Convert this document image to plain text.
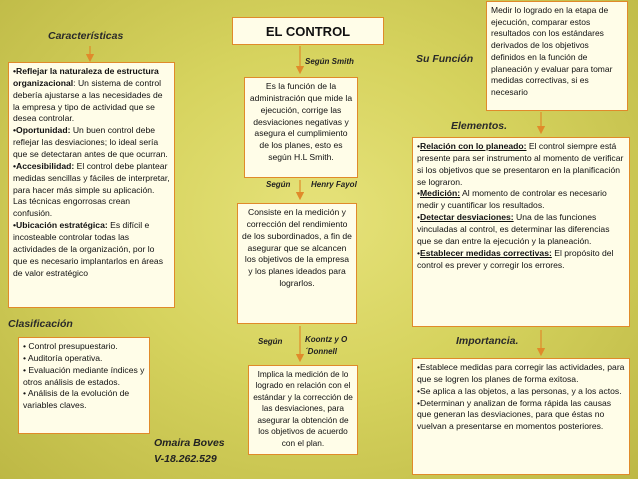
EL CONTROL
Características
Su Función
Elementos.
Clasificación
Importancia.
Según Smith
Según	Henry Fayol
Según	Koontz y O´Donnell
Medir lo logrado en la etapa de ejecución, comparar estos resultados con los estándares derivados de los objetivos definidos en la función de planeación y evaluar para tomar medidas correctivas, si es necesario
Es la función de la administración que mide la ejecución, corrige las desviaciones negativas y asegura el cumplimiento de los planes, esto es según H.L Smith.
Consiste en la medición y corrección del rendimiento de los subordinados, a fin de asegurar que se alcancen los objetivos de la empresa y los planes ideados para lograrlos.
Implica la medición de lo logrado en relación con el estándar y la corrección de las desviaciones, para asegurar la obtención de los objetivos de acuerdo con el plan.
•Reflejar la naturaleza de estructura organizacional: Un sistema de control debería ajustarse a las necesidades de la empresa y tipo de actividad que se desea controlar.
•Oportunidad: Un buen control debe reflejar las desviaciones; lo ideal sería que se detectaran antes de que ocurran.
•Accesibilidad: El control debe plantear medidas sencillas y fáciles de interpretar, para hacer más simple su aplicación. Las técnicas engorrosas crean confusión.
•Ubicación estratégica: Es difícil e incosteable controlar todas las actividades de la organización, por lo que es necesario implantarlos en áreas de valor estratégico
•Relación con lo planeado: El control siempre está presente para ser instrumento al momento de verificar si los objetivos que se presentaron en la planificación se lograron.
•Medición: Al momento de controlar es necesario medir y cuantificar los resultados.
•Detectar desviaciones: Una de las funciones vinculadas al control, es determinar las diferencias que se dan entre la ejecución y la planeación.
•Establecer medidas correctivas: El propósito del control es prever y corregir los errores.
• Control presupuestario.
• Auditoría operativa.
• Evaluación mediante índices y otros análisis de estados.
• Análisis de la evolución de variables claves.
•Establece medidas para corregir las actividades, para que se logren los planes de forma exitosa.
•Se aplica a las objetos, a las personas, y a los actos.
•Determinan y analizan de forma rápida las causas que generan las desviaciones, para que éstas no vuelvan a presentarse en momentos posteriores.
Omaira Boves
V-18.262.529
